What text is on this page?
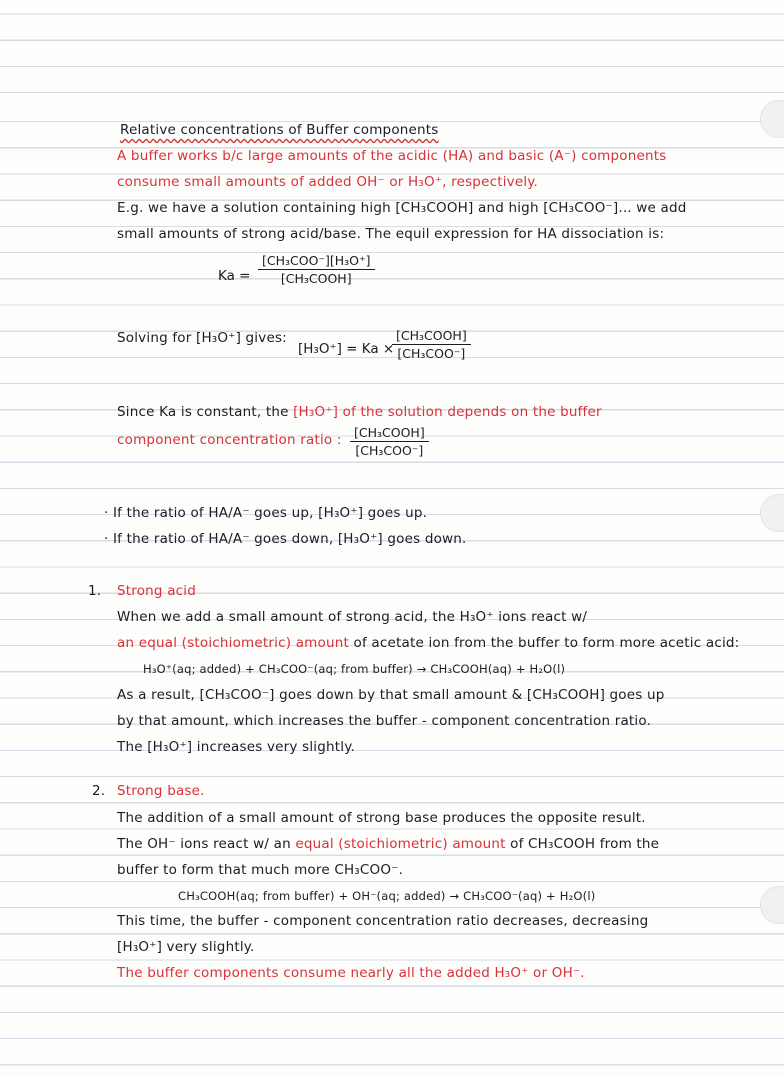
Relative concentrations of Buffer components
A buffer works b/c large amounts of the acidic (HA) and basic (A⁻) components
consume small amounts of added OH⁻ or H₃O⁺, respectively.
E.g. we have a solution containing high [CH₃COOH] and high [CH₃COO⁻]... we add
small amounts of strong acid/base. The equil expression for HA dissociation is:
Ka =
[CH₃COO⁻][H₃O⁺]
[CH₃COOH]
Solving for [H₃O⁺] gives:
[H₃O⁺] = Ka ×
[CH₃COOH]
[CH₃COO⁻]
Since Ka is constant, the [H₃O⁺] of the solution depends on the buffer
component concentration ratio : [CH₃COOH]
[CH₃COO⁻]
· If the ratio of HA/A⁻ goes up, [H₃O⁺] goes up.
· If the ratio of HA/A⁻ goes down, [H₃O⁺] goes down.
1. Strong acid
When we add a small amount of strong acid, the H₃O⁺ ions react w/
an equal (stoichiometric) amount of acetate ion from the buffer to form more acetic acid:
H₃O⁺(aq; added) + CH₃COO⁻(aq; from buffer) → CH₃COOH(aq) + H₂O(l)
As a result, [CH₃COO⁻] goes down by that small amount & [CH₃COOH] goes up
by that amount, which increases the buffer - component concentration ratio.
The [H₃O⁺] increases very slightly.
2. Strong base.
The addition of a small amount of strong base produces the opposite result.
The OH⁻ ions react w/ an equal (stoichiometric) amount of CH₃COOH from the
buffer to form that much more CH₃COO⁻.
CH₃COOH(aq; from buffer) + OH⁻(aq; added) → CH₃COO⁻(aq) + H₂O(l)
This time, the buffer - component concentration ratio decreases, decreasing
[H₃O⁺] very slightly.
The buffer components consume nearly all the added H₃O⁺ or OH⁻.
